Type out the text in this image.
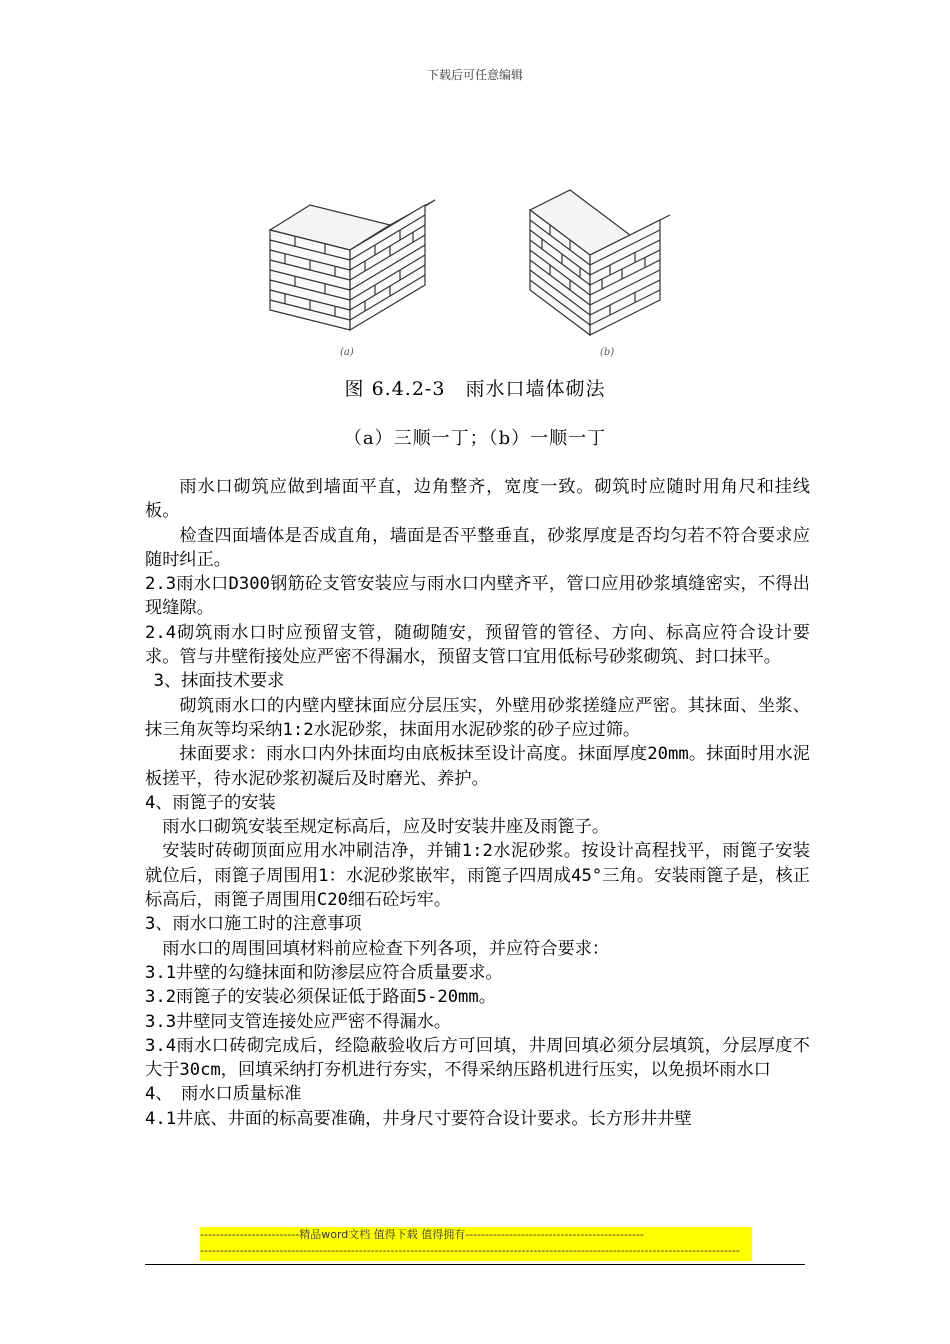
下载后可任意编辑
(a)	(b)
图 6.4.2-3　雨水口墙体砌法
（a）三顺一丁；（b）一顺一丁

雨水口砌筑应做到墙面平直，边角整齐，宽度一致。砌筑时应随时用角尺和挂线板。

检查四面墙体是否成直角，墙面是否平整垂直，砂浆厚度是否均匀若不符合要求应随时纠正。

2.3雨水口D300钢筋砼支管安装应与雨水口内壁齐平，管口应用砂浆填缝密实，不得出现缝隙。

2.4砌筑雨水口时应预留支管，随砌随安，预留管的管径、方向、标高应符合设计要求。管与井壁衔接处应严密不得漏水，预留支管口宜用低标号砂浆砌筑、封口抹平。

3、抹面技术要求

砌筑雨水口的内壁内壁抹面应分层压实，外壁用砂浆搓缝应严密。其抹面、坐浆、抹三角灰等均采纳1:2水泥砂浆，抹面用水泥砂浆的砂子应过筛。

抹面要求：雨水口内外抹面均由底板抹至设计高度。抹面厚度20mm。抹面时用水泥板搓平，待水泥砂浆初凝后及时磨光、养护。

4、雨篦子的安装

雨水口砌筑安装至规定标高后，应及时安装井座及雨篦子。

安装时砖砌顶面应用水冲刷洁净，并铺1:2水泥砂浆。按设计高程找平，雨篦子安装就位后，雨篦子周围用1：水泥砂浆嵌牢，雨篦子四周成45°三角。安装雨篦子是，核正标高后，雨篦子周围用C20细石砼圬牢。

3、雨水口施工时的注意事项

雨水口的周围回填材料前应检查下列各项，并应符合要求：

3.1井壁的勾缝抹面和防渗层应符合质量要求。

3.2雨篦子的安装必须保证低于路面5-20mm。

3.3井壁同支管连接处应严密不得漏水。

3.4雨水口砖砌完成后，经隐蔽验收后方可回填，井周回填必须分层填筑，分层厚度不大于30cm，回填采纳打夯机进行夯实，不得采纳压路机进行压实，以免损坏雨水口

4、　雨水口质量标准

4.1井底、井面的标高要准确，井身尺寸要符合设计要求。长方形井井壁

-------------------------精品word文档 值得下载 值得拥有---------------------------------------------
----------------------------------------------------------------------------------------------------------------------------------------
